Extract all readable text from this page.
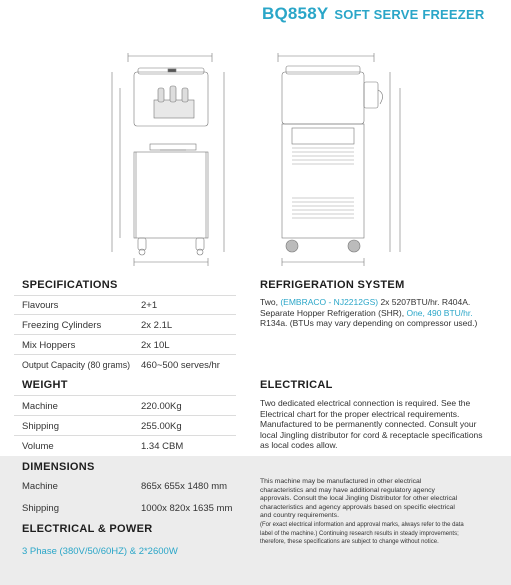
BQ858Y SOFT SERVE FREEZER
SPECIFICATIONS
Flavours	2+1
Freezing Cylinders	2x 2.1L
Mix Hoppers	2x 10L
Output Capacity (80 grams) 460~500 serves/hr
WEIGHT
Machine	220.00Kg
Shipping	255.00Kg
Volume	1.34 CBM
DIMENSIONS
Machine	865x 655x 1480 mm
Shipping	1000x 820x 1635 mm
ELECTRICAL & POWER
3 Phase (380V/50/60HZ) & 2*2600W
REFRIGERATION SYSTEM
Two, (EMBRACO - NJ2212GS) 2x 5207BTU/hr. R404A.
Separate Hopper Refrigeration (SHR), One, 490 BTU/hr.
R134a. (BTUs may vary depending on compressor used.)
ELECTRICAL
Two dedicated electrical connection is required. See the
Electrical chart for the proper electrical requirements.
Manufactured to be permanently connected. Consult your
local Jingling distributor for cord & receptacle specifications
as local codes allow.
This machine may be manufactured in other electrical
characteristics and may have additional regulatory agency
approvals. Consult the local Jingling Distributor for other electrical
characteristics and agency approvals based on specific electrical
and country requirements.
(For exact electrical information and approval marks, always refer to the data
label of the machine.) Continuing research results in steady improvements;
therefore, these specifications are subject to change without notice.
